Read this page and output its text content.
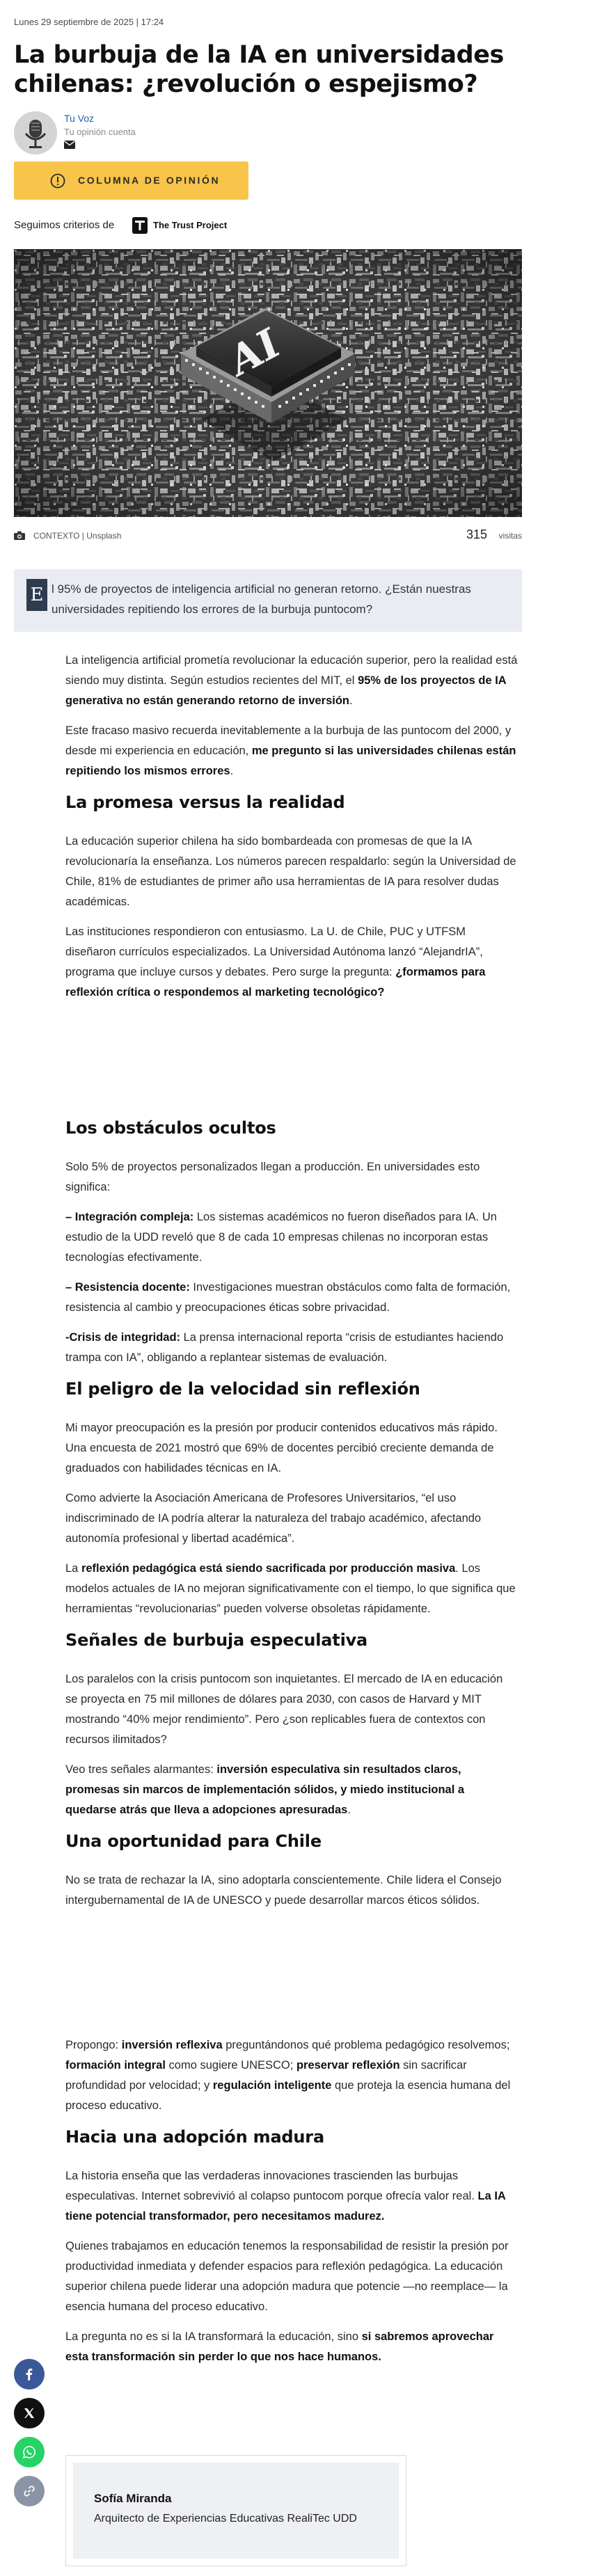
Lunes 29 septiembre de 2025 | 17:24
La burbuja de la IA en universidades chilenas: ¿revolución o espejismo?
Tu Voz
Tu opinión cuenta
COLUMNA DE OPINIÓN
Seguimos criterios de	The Trust Project
CONTEXTO | Unsplash	315 visitas
E l 95% de proyectos de inteligencia artificial no generan retorno. ¿Están nuestras universidades repitiendo los errores de la burbuja puntocom?

La inteligencia artificial prometía revolucionar la educación superior, pero la realidad está siendo muy distinta. Según estudios recientes del MIT, el 95% de los proyectos de IA generativa no están generando retorno de inversión.

Este fracaso masivo recuerda inevitablemente a la burbuja de las puntocom del 2000, y desde mi experiencia en educación, me pregunto si las universidades chilenas están repitiendo los mismos errores.

La promesa versus la realidad

La educación superior chilena ha sido bombardeada con promesas de que la IA revolucionaría la enseñanza. Los números parecen respaldarlo: según la Universidad de Chile, 81% de estudiantes de primer año usa herramientas de IA para resolver dudas académicas.

Las instituciones respondieron con entusiasmo. La U. de Chile, PUC y UTFSM diseñaron currículos especializados. La Universidad Autónoma lanzó “AlejandrIA”, programa que incluye cursos y debates. Pero surge la pregunta: ¿formamos para reflexión crítica o respondemos al marketing tecnológico?

Los obstáculos ocultos

Solo 5% de proyectos personalizados llegan a producción. En universidades esto significa:

– Integración compleja: Los sistemas académicos no fueron diseñados para IA. Un estudio de la UDD reveló que 8 de cada 10 empresas chilenas no incorporan estas tecnologías efectivamente.

– Resistencia docente: Investigaciones muestran obstáculos como falta de formación, resistencia al cambio y preocupaciones éticas sobre privacidad.

-Crisis de integridad: La prensa internacional reporta “crisis de estudiantes haciendo trampa con IA”, obligando a replantear sistemas de evaluación.

El peligro de la velocidad sin reflexión

Mi mayor preocupación es la presión por producir contenidos educativos más rápido. Una encuesta de 2021 mostró que 69% de docentes percibió creciente demanda de graduados con habilidades técnicas en IA.

Como advierte la Asociación Americana de Profesores Universitarios, “el uso indiscriminado de IA podría alterar la naturaleza del trabajo académico, afectando autonomía profesional y libertad académica”.

La reflexión pedagógica está siendo sacrificada por producción masiva. Los modelos actuales de IA no mejoran significativamente con el tiempo, lo que significa que herramientas “revolucionarias” pueden volverse obsoletas rápidamente.

Señales de burbuja especulativa

Los paralelos con la crisis puntocom son inquietantes. El mercado de IA en educación se proyecta en 75 mil millones de dólares para 2030, con casos de Harvard y MIT mostrando “40% mejor rendimiento”. Pero ¿son replicables fuera de contextos con recursos ilimitados?

Veo tres señales alarmantes: inversión especulativa sin resultados claros, promesas sin marcos de implementación sólidos, y miedo institucional a quedarse atrás que lleva a adopciones apresuradas.

Una oportunidad para Chile

No se trata de rechazar la IA, sino adoptarla conscientemente. Chile lidera el Consejo intergubernamental de IA de UNESCO y puede desarrollar marcos éticos sólidos.

Propongo: inversión reflexiva preguntándonos qué problema pedagógico resolvemos; formación integral como sugiere UNESCO; preservar reflexión sin sacrificar profundidad por velocidad; y regulación inteligente que proteja la esencia humana del proceso educativo.

Hacia una adopción madura

La historia enseña que las verdaderas innovaciones trascienden las burbujas especulativas. Internet sobrevivió al colapso puntocom porque ofrecía valor real. La IA tiene potencial transformador, pero necesitamos madurez.

Quienes trabajamos en educación tenemos la responsabilidad de resistir la presión por productividad inmediata y defender espacios para reflexión pedagógica. La educación superior chilena puede liderar una adopción madura que potencie —no reemplace— la esencia humana del proceso educativo.

La pregunta no es si la IA transformará la educación, sino si sabremos aprovechar esta transformación sin perder lo que nos hace humanos.

Sofía Miranda
Arquitecto de Experiencias Educativas RealiTec UDD
